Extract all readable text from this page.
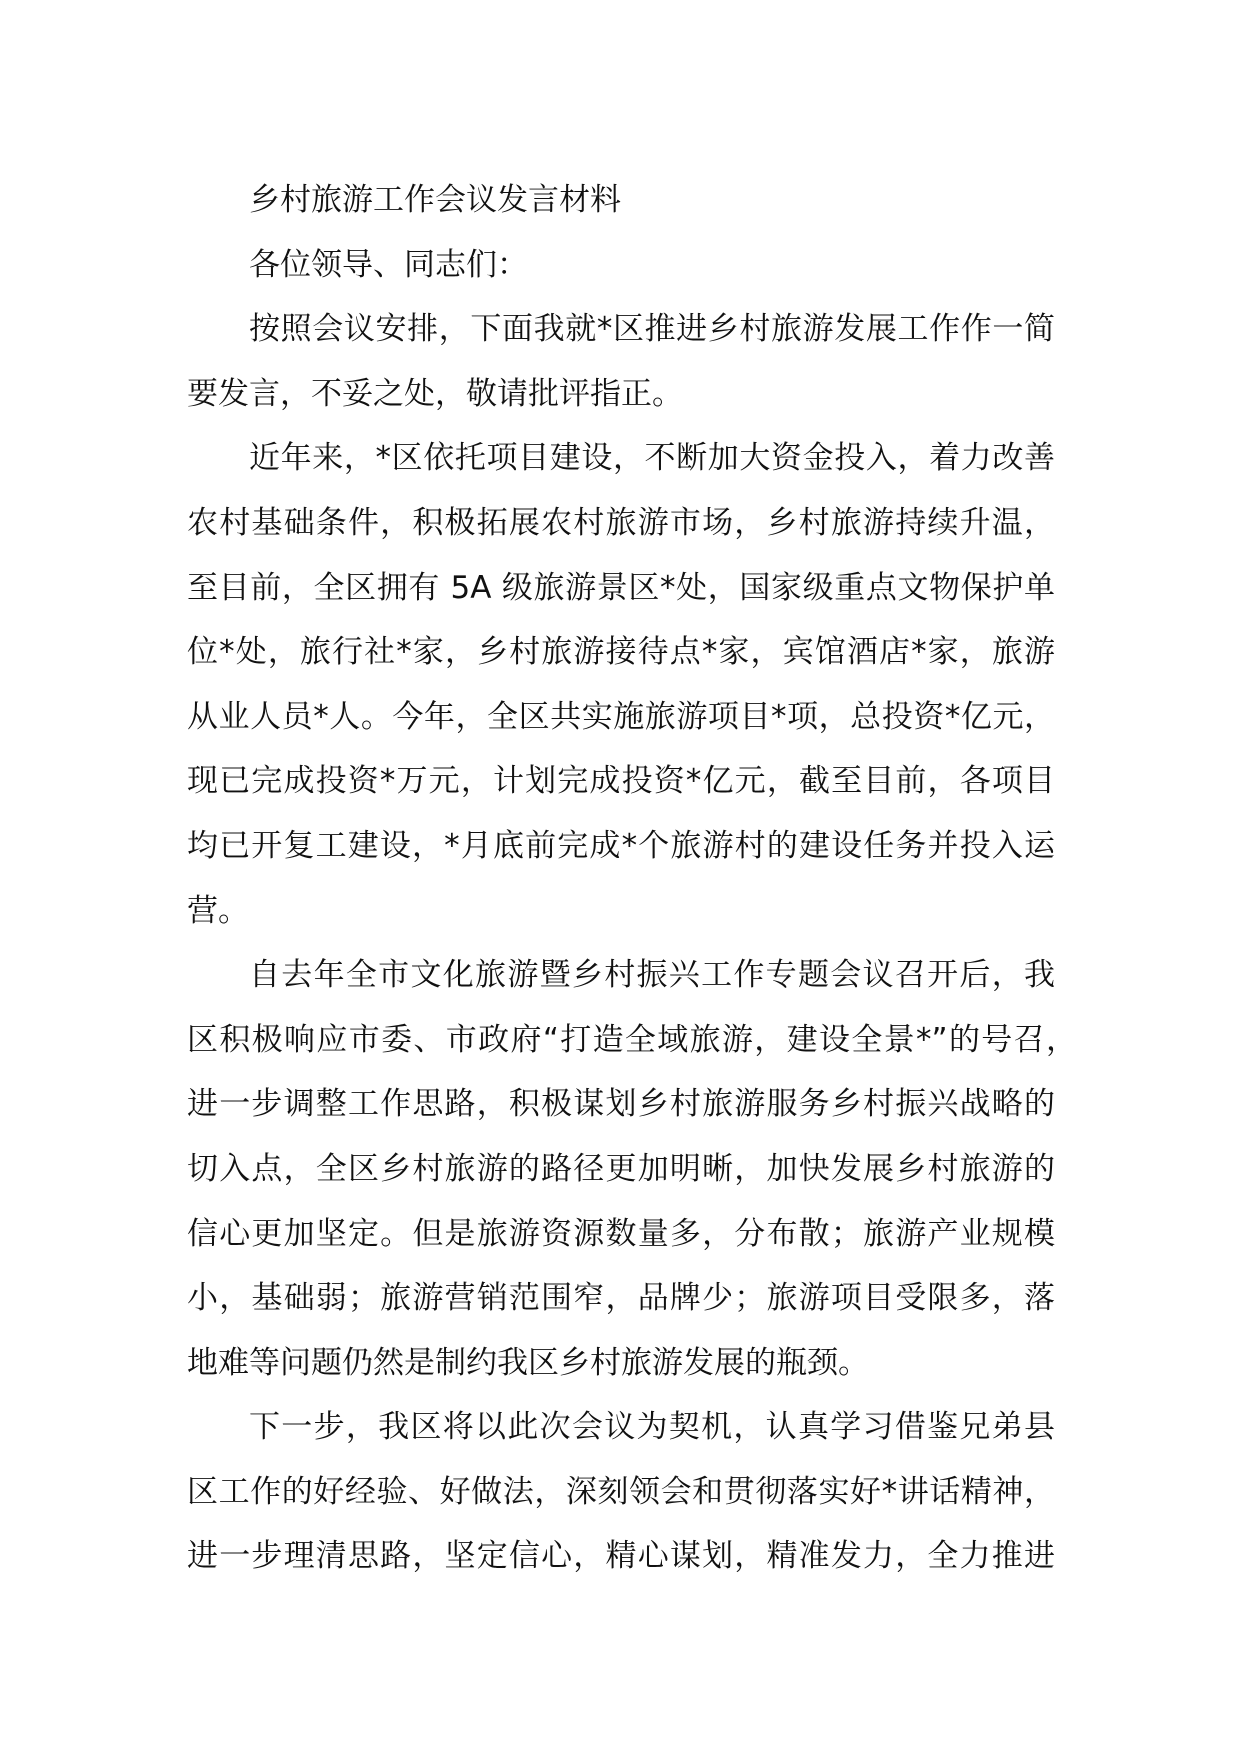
乡村旅游工作会议发言材料
各位领导、同志们：
按照会议安排，下面我就*区推进乡村旅游发展工作作一简
要发言，不妥之处，敬请批评指正。
近年来，*区依托项目建设，不断加大资金投入，着力改善
农村基础条件，积极拓展农村旅游市场，乡村旅游持续升温，
至目前，全区拥有 5A 级旅游景区*处，国家级重点文物保护单
位*处，旅行社*家，乡村旅游接待点*家，宾馆酒店*家，旅游
从业人员*人。今年，全区共实施旅游项目*项，总投资*亿元，
现已完成投资*万元，计划完成投资*亿元，截至目前，各项目
均已开复工建设，*月底前完成*个旅游村的建设任务并投入运
营。
自去年全市文化旅游暨乡村振兴工作专题会议召开后，我
区积极响应市委、市政府“打造全域旅游，建设全景*”的号召，
进一步调整工作思路，积极谋划乡村旅游服务乡村振兴战略的
切入点，全区乡村旅游的路径更加明晰，加快发展乡村旅游的
信心更加坚定。但是旅游资源数量多，分布散；旅游产业规模
小，基础弱；旅游营销范围窄，品牌少；旅游项目受限多，落
地难等问题仍然是制约我区乡村旅游发展的瓶颈。
下一步，我区将以此次会议为契机，认真学习借鉴兄弟县
区工作的好经验、好做法，深刻领会和贯彻落实好*讲话精神，
进一步理清思路，坚定信心，精心谋划，精准发力，全力推进
